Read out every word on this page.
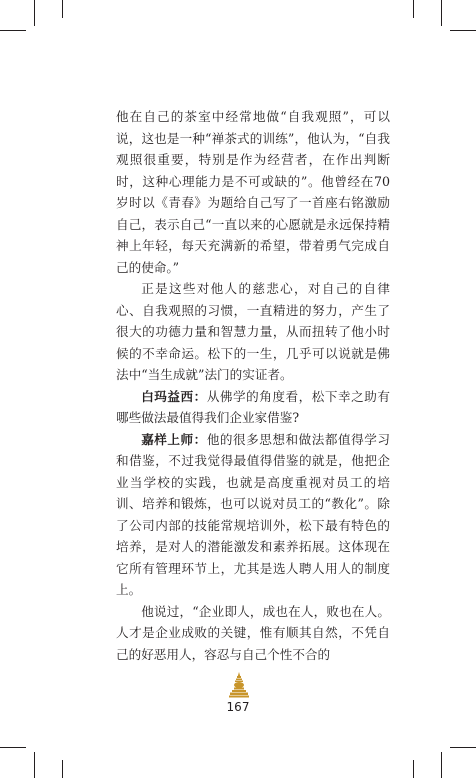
他在自己的茶室中经常地做“自我观照”，可以说，这也是一种“禅茶式的训练”，他认为，“自我观照很重要，特别是作为经营者，在作出判断时，这种心理能力是不可或缺的”。他曾经在70岁时以《青春》为题给自己写了一首座右铭激励自己，表示自己“一直以来的心愿就是永远保持精神上年轻，每天充满新的希望，带着勇气完成自己的使命。”

正是这些对他人的慈悲心，对自己的自律心、自我观照的习惯，一直精进的努力，产生了很大的功德力量和智慧力量，从而扭转了他小时候的不幸命运。松下的一生，几乎可以说就是佛法中“当生成就”法门的实证者。

白玛益西：从佛学的角度看，松下幸之助有哪些做法最值得我们企业家借鉴?

嘉样上师：他的很多思想和做法都值得学习和借鉴，不过我觉得最值得借鉴的就是，他把企业当学校的实践，也就是高度重视对员工的培训、培养和锻炼，也可以说对员工的“教化”。除了公司内部的技能常规培训外，松下最有特色的培养，是对人的潜能激发和素养拓展。这体现在它所有管理环节上，尤其是选人聘人用人的制度上。

他说过，“企业即人，成也在人，败也在人。人才是企业成败的关键，惟有顺其自然，不凭自己的好恶用人，容忍与自己个性不合的

167
